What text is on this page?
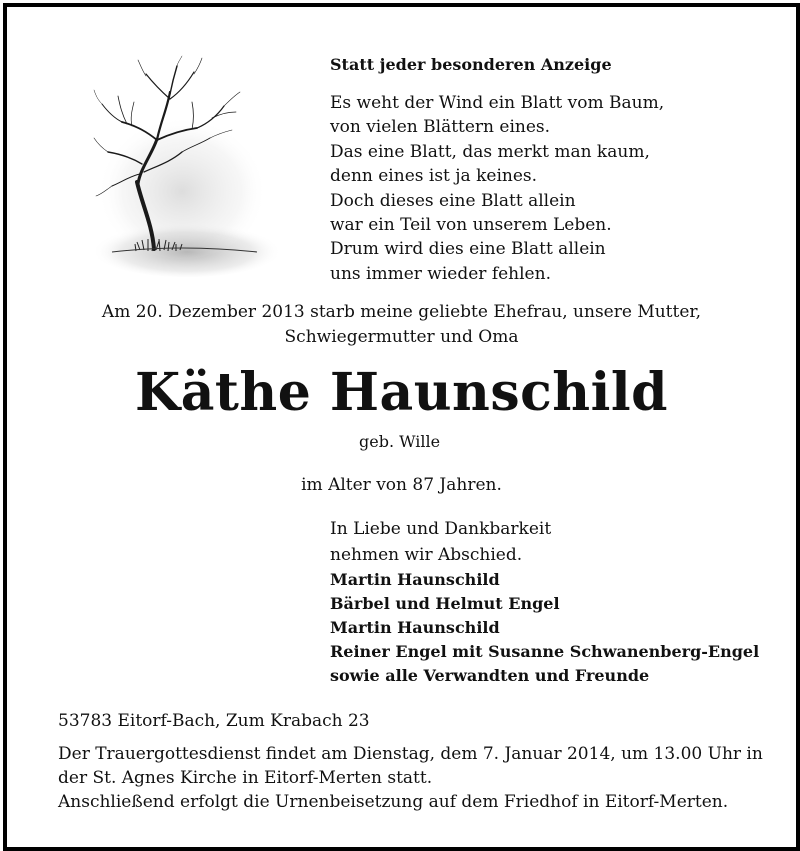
Statt jeder besonderen Anzeige
Es weht der Wind ein Blatt vom Baum,
von vielen Blättern eines.
Das eine Blatt, das merkt man kaum,
denn eines ist ja keines.
Doch dieses eine Blatt allein
war ein Teil von unserem Leben.
Drum wird dies eine Blatt allein
uns immer wieder fehlen.
Am 20. Dezember 2013 starb meine geliebte Ehefrau, unsere Mutter,
Schwiegermutter und Oma
Käthe Haunschild
geb. Wille
im Alter von 87 Jahren.
In Liebe und Dankbarkeit
nehmen wir Abschied.
Martin Haunschild
Bärbel und Helmut Engel
Martin Haunschild
Reiner Engel mit Susanne Schwanenberg-Engel
sowie alle Verwandten und Freunde
53783 Eitorf-Bach, Zum Krabach 23
Der Trauergottesdienst findet am Dienstag, dem 7. Januar 2014, um 13.00 Uhr in
der St. Agnes Kirche in Eitorf-Merten statt.
Anschließend erfolgt die Urnenbeisetzung auf dem Friedhof in Eitorf-Merten.
